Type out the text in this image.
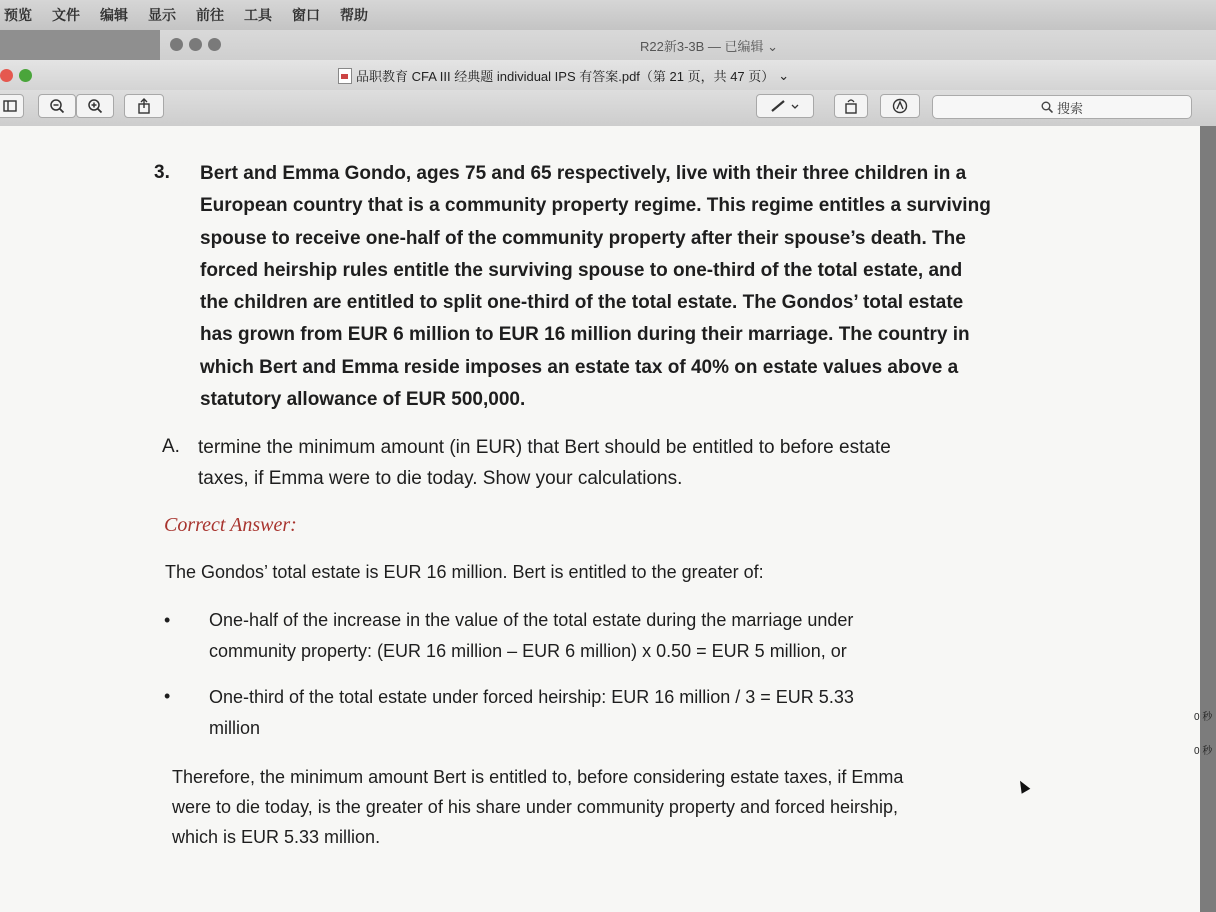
预览 文件 编辑 显示 前往 工具 窗口 帮助
R22新3-3B — 已编辑 ⌄
品职教育 CFA III 经典题 individual IPS 有答案.pdf（第 21 页，共 47 页） ⌄
搜索
3. Bert and Emma Gondo, ages 75 and 65 respectively, live with their three children in a
European country that is a community property regime. This regime entitles a surviving
spouse to receive one-half of the community property after their spouse’s death. The
forced heirship rules entitle the surviving spouse to one-third of the total estate, and
the children are entitled to split one-third of the total estate. The Gondos’ total estate
has grown from EUR 6 million to EUR 16 million during their marriage. The country in
which Bert and Emma reside imposes an estate tax of 40% on estate values above a
statutory allowance of EUR 500,000.
A. termine the minimum amount (in EUR) that Bert should be entitled to before estate
taxes, if Emma were to die today. Show your calculations.
Correct Answer:
The Gondos’ total estate is EUR 16 million. Bert is entitled to the greater of:
• One-half of the increase in the value of the total estate during the marriage under
community property: (EUR 16 million – EUR 6 million) x 0.50 = EUR 5 million, or
• One-third of the total estate under forced heirship: EUR 16 million / 3 = EUR 5.33
million
Therefore, the minimum amount Bert is entitled to, before considering estate taxes, if Emma
were to die today, is the greater of his share under community property and forced heirship,
which is EUR 5.33 million.
0 秒
0 秒
